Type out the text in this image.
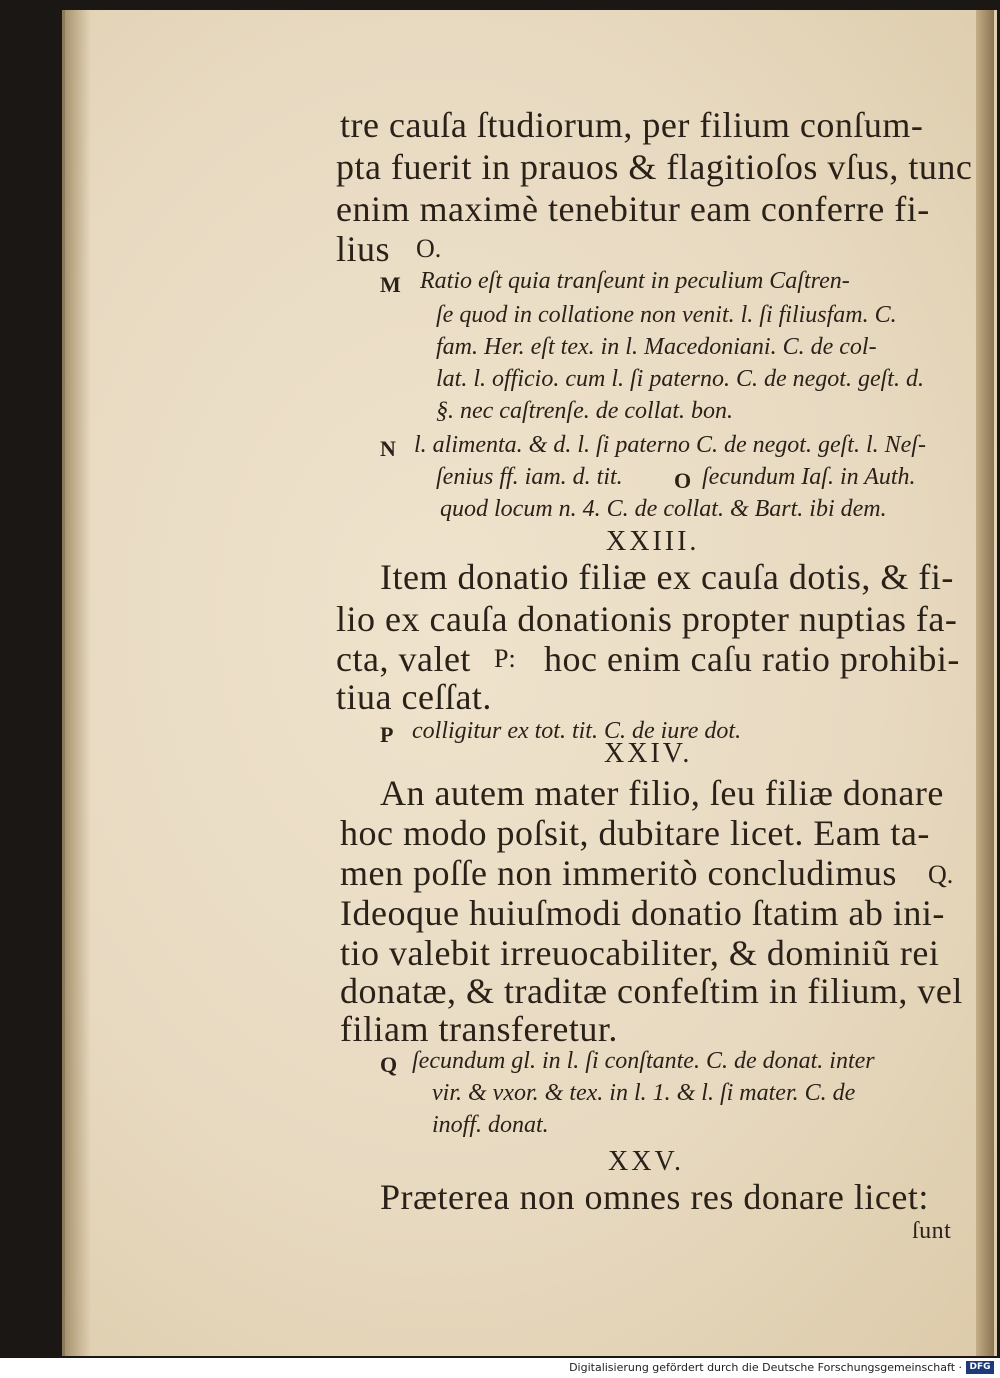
tre cauſa ſtudiorum, per filium conſum-
pta fuerit in prauos & flagitioſos vſus, tunc
enim maximè tenebitur eam conferre fi-
lius O.
M Ratio eſt quia tranſeunt in peculium Caſtren-
ſe quod in collatione non venit. l. ſi filiusfam. C.
fam. Her. eſt tex. in l. Macedoniani. C. de col-
lat. l. officio. cum l. ſi paterno. C. de negot. geſt. d.
§. nec caſtrenſe. de collat. bon.
N l. alimenta. & d. l. ſi paterno C. de negot. geſt. l. Neſ-
ſenius ff. iam. d. tit. O ſecundum Iaſ. in Auth.
quod locum n. 4. C. de collat. & Bart. ibi dem.
XXIII.
Item donatio filiæ ex cauſa dotis, & fi-
lio ex cauſa donationis propter nuptias fa-
cta, valet P: hoc enim caſu ratio prohibi-
tiua ceſſat.
P colligitur ex tot. tit. C. de iure dot.
XXIV.
An autem mater filio, ſeu filiæ donare
hoc modo poſsit, dubitare licet. Eam ta-
men poſſe non immeritò concludimus Q.
Ideoque huiuſmodi donatio ſtatim ab ini-
tio valebit irreuocabiliter, & dominiũ rei
donatæ, & traditæ confeſtim in filium, vel
filiam transferetur.
Q ſecundum gl. in l. ſi conſtante. C. de donat. inter
vir. & vxor. & tex. in l. 1. & l. ſi mater. C. de
inoff. donat.
XXV.
Præterea non omnes res donare licet:
ſunt
Digitalisierung gefördert durch die Deutsche Forschungsgemeinschaft · DFG
